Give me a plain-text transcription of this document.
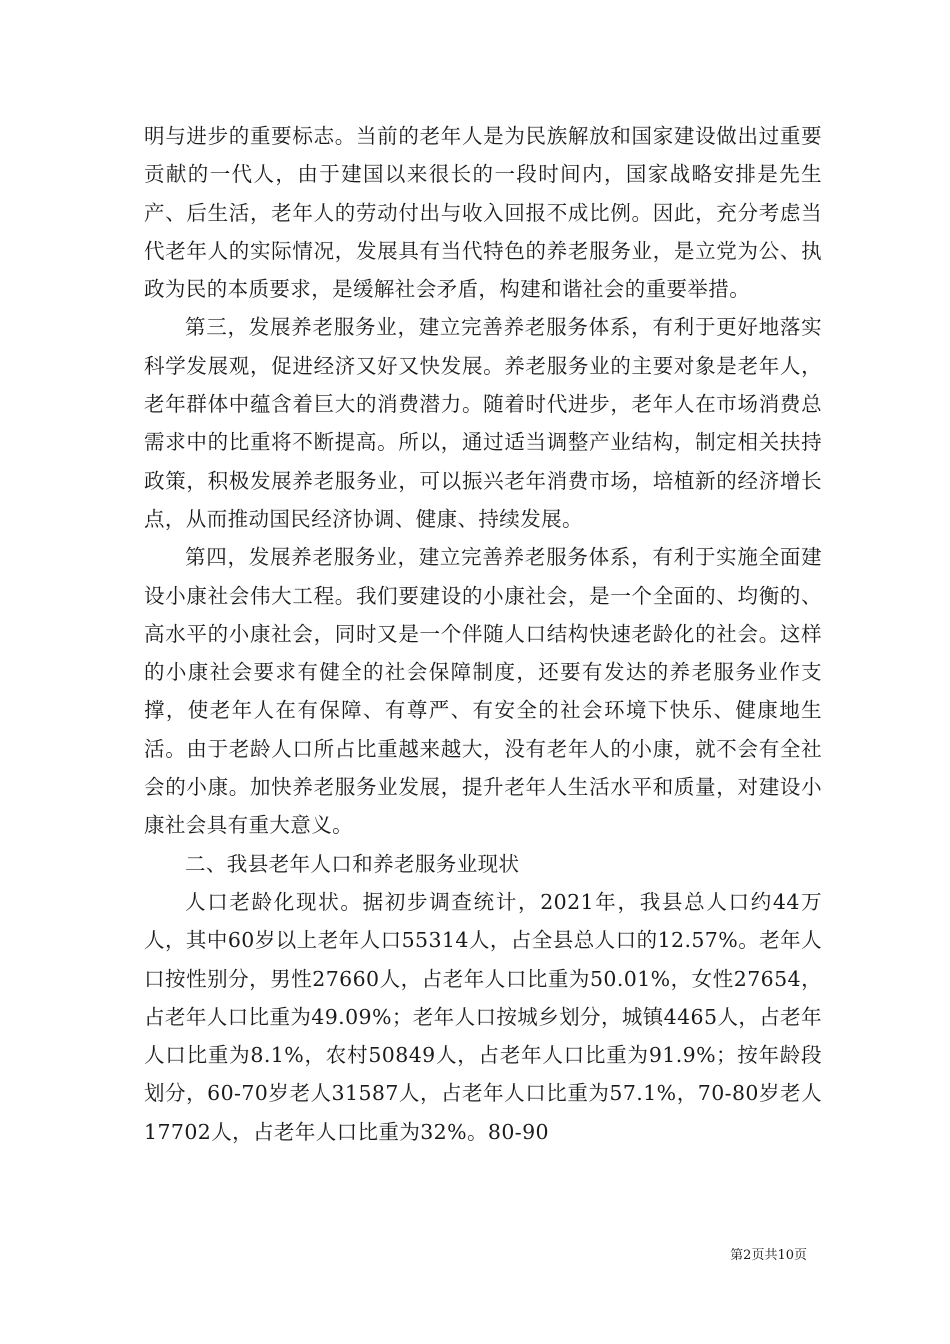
明与进步的重要标志。当前的老年人是为民族解放和国家建设做出过重要贡献的一代人，由于建国以来很长的一段时间内，国家战略安排是先生产、后生活，老年人的劳动付出与收入回报不成比例。因此，充分考虑当代老年人的实际情况，发展具有当代特色的养老服务业，是立党为公、执政为民的本质要求，是缓解社会矛盾，构建和谐社会的重要举措。

第三，发展养老服务业，建立完善养老服务体系，有利于更好地落实科学发展观，促进经济又好又快发展。养老服务业的主要对象是老年人，老年群体中蕴含着巨大的消费潜力。随着时代进步，老年人在市场消费总需求中的比重将不断提高。所以，通过适当调整产业结构，制定相关扶持政策，积极发展养老服务业，可以振兴老年消费市场，培植新的经济增长点，从而推动国民经济协调、健康、持续发展。

第四，发展养老服务业，建立完善养老服务体系，有利于实施全面建设小康社会伟大工程。我们要建设的小康社会，是一个全面的、均衡的、高水平的小康社会，同时又是一个伴随人口结构快速老龄化的社会。这样的小康社会要求有健全的社会保障制度，还要有发达的养老服务业作支撑，使老年人在有保障、有尊严、有安全的社会环境下快乐、健康地生活。由于老龄人口所占比重越来越大，没有老年人的小康，就不会有全社会的小康。加快养老服务业发展，提升老年人生活水平和质量，对建设小康社会具有重大意义。

二、我县老年人口和养老服务业现状

人口老龄化现状。据初步调查统计，2021年，我县总人口约44万人，其中60岁以上老年人口55314人，占全县总人口的12.57%。老年人口按性别分，男性27660人，占老年人口比重为50.01%，女性27654，占老年人口比重为49.09%；老年人口按城乡划分，城镇4465人，占老年人口比重为8.1%，农村50849人，占老年人口比重为91.9%；按年龄段划分，60-70岁老人31587人，占老年人口比重为57.1%，70-80岁老人17702人，占老年人口比重为32%。80-90

第2页共10页
